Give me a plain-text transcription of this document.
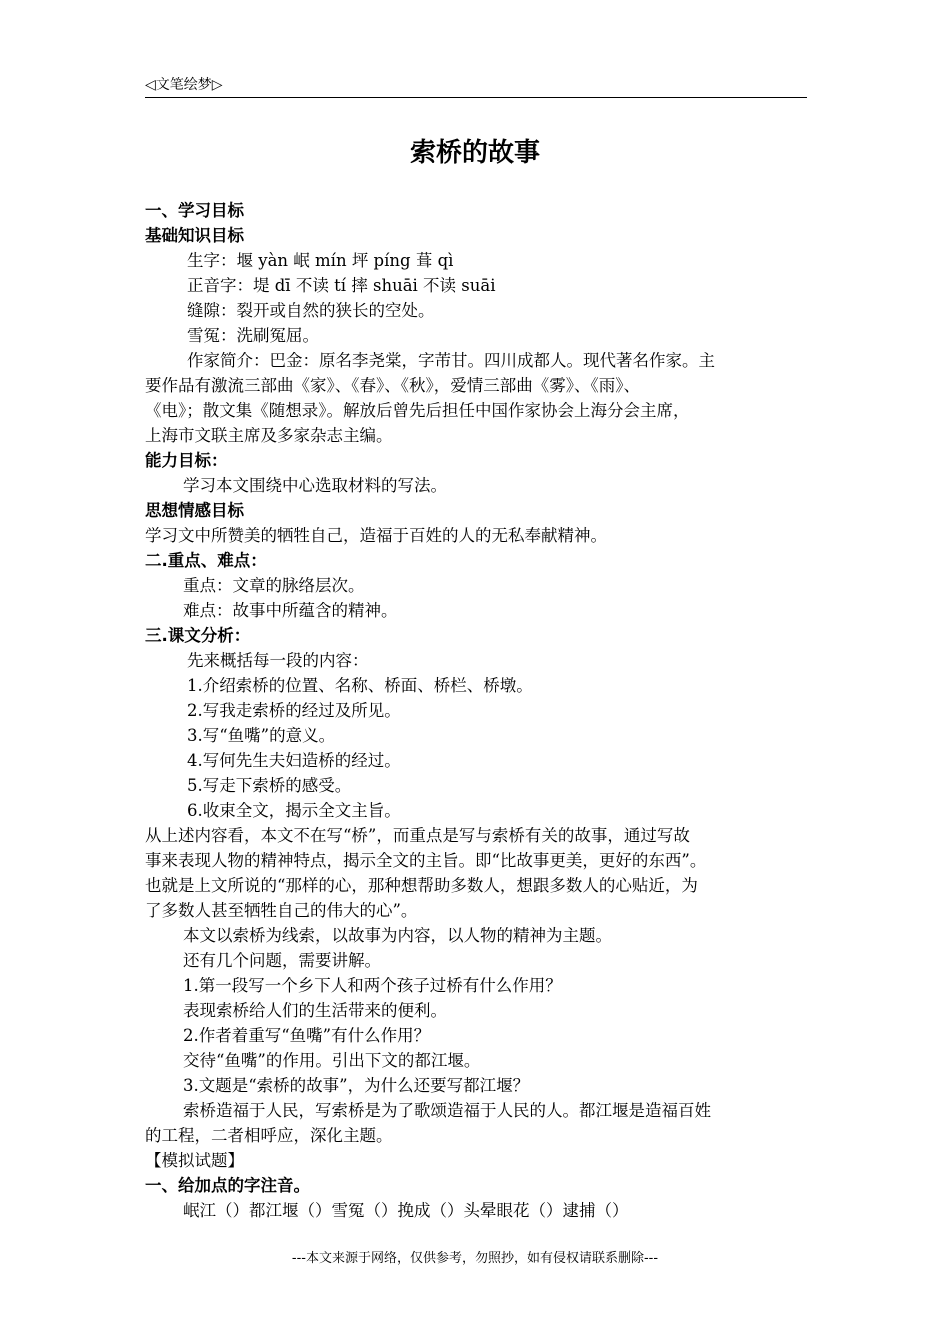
◁文笔绘梦▷
索桥的故事
一、学习目标
基础知识目标
生字：堰 yàn 岷 mín 坪 píng 葺 qì
正音字：堤 dī 不读 tí 摔 shuāi 不读 suāi
缝隙：裂开或自然的狭长的空处。
雪冤：洗刷冤屈。
作家简介：巴金：原名李尧棠，字芾甘。四川成都人。现代著名作家。主
要作品有激流三部曲《家》、《春》、《秋》，爱情三部曲《雾》、《雨》、
《电》；散文集《随想录》。解放后曾先后担任中国作家协会上海分会主席，
上海市文联主席及多家杂志主编。
能力目标：
学习本文围绕中心选取材料的写法。
思想情感目标
学习文中所赞美的牺牲自己，造福于百姓的人的无私奉献精神。
二.重点、难点：
重点：文章的脉络层次。
难点：故事中所蕴含的精神。
三.课文分析：
先来概括每一段的内容：
1.介绍索桥的位置、名称、桥面、桥栏、桥墩。
2.写我走索桥的经过及所见。
3.写“鱼嘴”的意义。
4.写何先生夫妇造桥的经过。
5.写走下索桥的感受。
6.收束全文，揭示全文主旨。
从上述内容看，本文不在写“桥”，而重点是写与索桥有关的故事，通过写故
事来表现人物的精神特点，揭示全文的主旨。即“比故事更美，更好的东西”。
也就是上文所说的“那样的心，那种想帮助多数人，想跟多数人的心贴近，为
了多数人甚至牺牲自己的伟大的心”。
本文以索桥为线索，以故事为内容，以人物的精神为主题。
还有几个问题，需要讲解。
1.第一段写一个乡下人和两个孩子过桥有什么作用？
表现索桥给人们的生活带来的便利。
2.作者着重写“鱼嘴”有什么作用？
交待“鱼嘴”的作用。引出下文的都江堰。
3.文题是“索桥的故事”，为什么还要写都江堰？
索桥造福于人民，写索桥是为了歌颂造福于人民的人。都江堰是造福百姓
的工程，二者相呼应，深化主题。
【模拟试题】
一、给加点的字注音。
岷江（）都江堰（）雪冤（）挽成（）头晕眼花（）逮捕（）
---本文来源于网络，仅供参考，勿照抄，如有侵权请联系删除---
